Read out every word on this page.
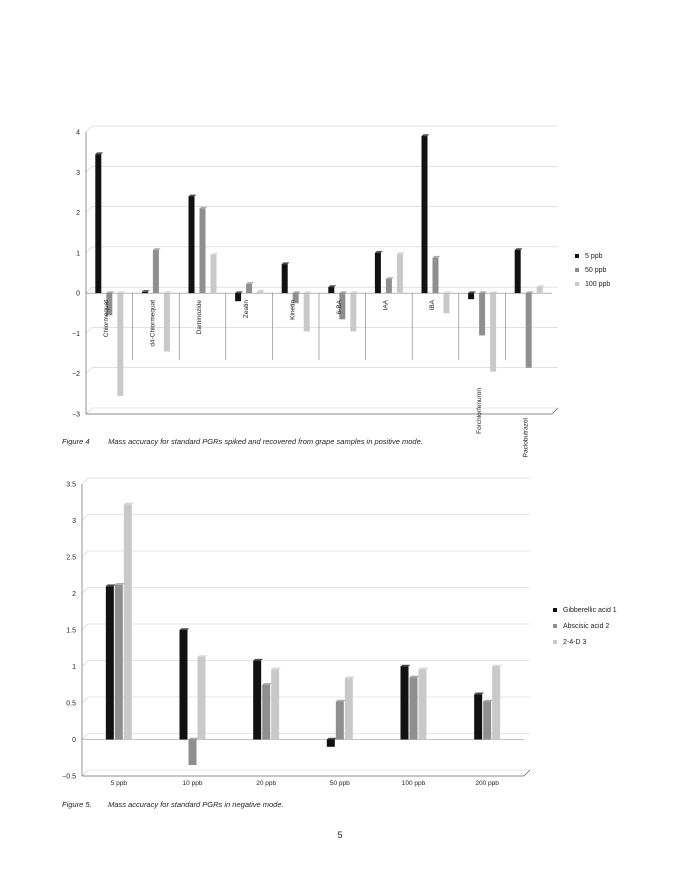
4
3
2
1
0
−1
−2
−3
Chlormequat	d4-Chlormequat	Daminozide	Zeatin	Kinetin	6-BA	IAA	IBA
Forchlorfenuron
Paclobutrazol
5 ppb
50 ppb
100 ppb
3.5
3
2.5
2
1.5
1
0.5
0
−0.5
5 ppb	10 ppb	20 ppb	50 ppb	100 ppb	200 ppb
Gibberellic acid 1
Abscisic acid 2
2-4-D 3
Figure 4 Mass accuracy for standard PGRs spiked and recovered from grape samples in positive mode.
Figure 5. Mass accuracy for standard PGRs in negative mode.
5
